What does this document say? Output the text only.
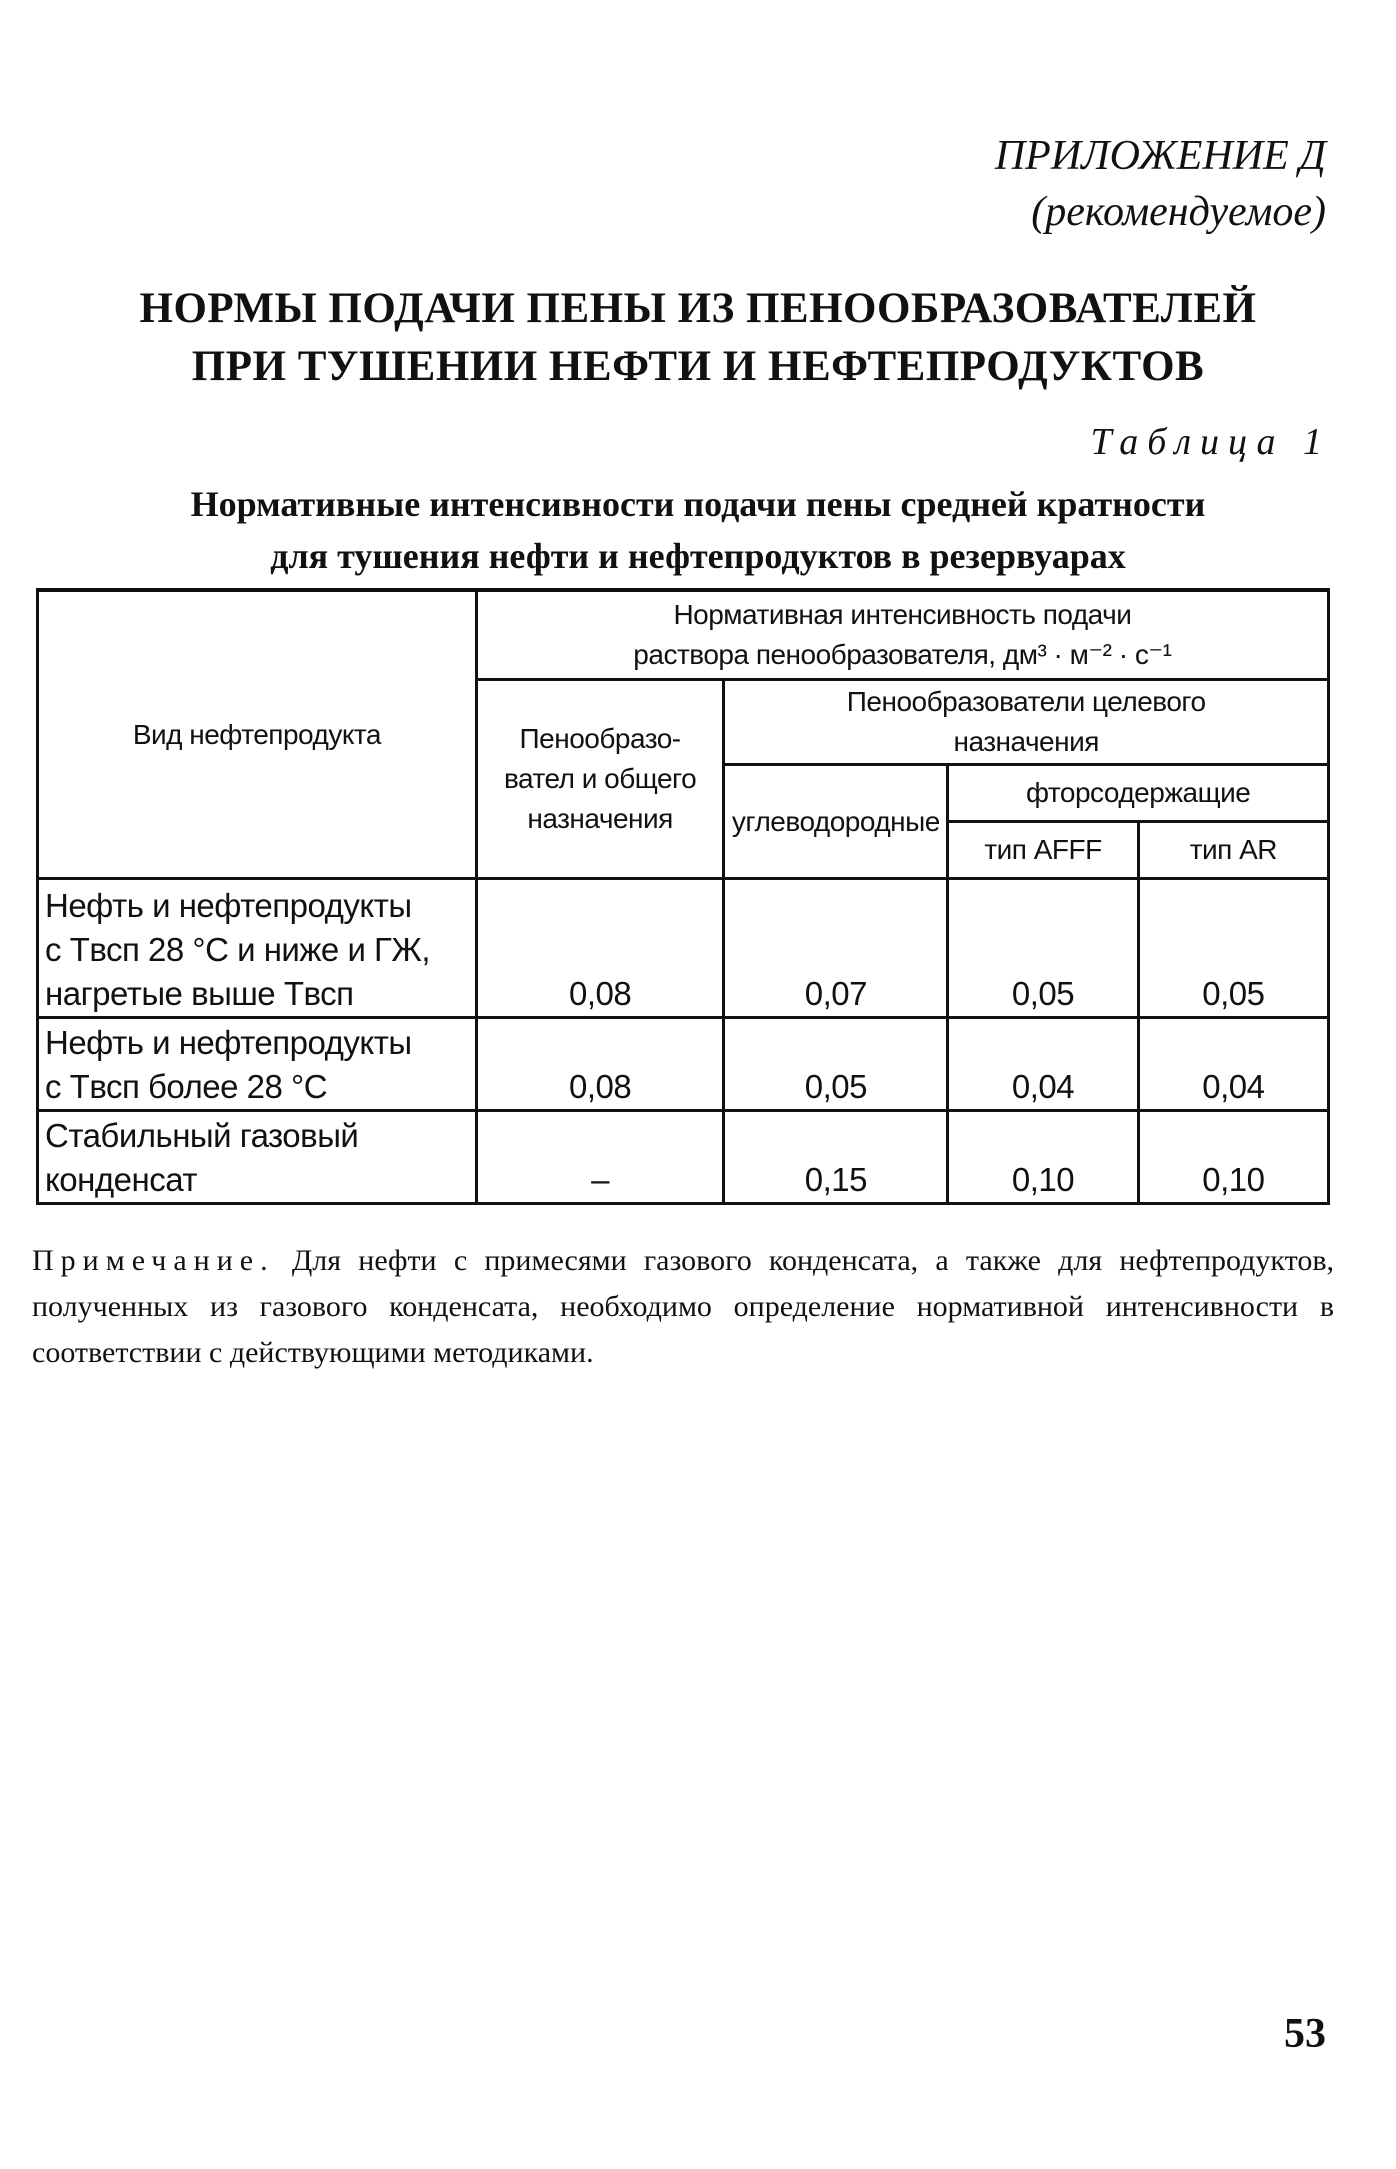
ПРИЛОЖЕНИЕ Д
(рекомендуемое)
НОРМЫ ПОДАЧИ ПЕНЫ ИЗ ПЕНООБРАЗОВАТЕЛЕЙ
ПРИ ТУШЕНИИ НЕФТИ И НЕФТЕПРОДУКТОВ
Таблица 1
Нормативные интенсивности подачи пены средней кратности
для тушения нефти и нефтепродуктов в резервуарах
Вид нефтепродукта	Нормативная интенсивность подачи
раствора пенообразователя, дм³ · м⁻² · с⁻¹			

	Пенообразо-вател и общего назначения	Пенообразователи целевого назначения		
		углеводородные	фторсодержащие	
			тип AFFF	тип AR

Нефть и нефтепродукты
с Tвсп 28 °C и ниже и ГЖ,
нагретые выше Tвсп	0,08	0,07	0,05	0,05

Нефть и нефтепродукты
с Tвсп более 28 °C	0,08	0,05	0,04	0,04

Стабильный газовый
конденсат	–	0,15	0,10	0,10
Примечание. Для нефти с примесями газового конденсата, а также для нефтепродуктов, полученных из газового конденсата, необходимо определение нормативной интенсивности в соответствии с действующими методиками.
53
